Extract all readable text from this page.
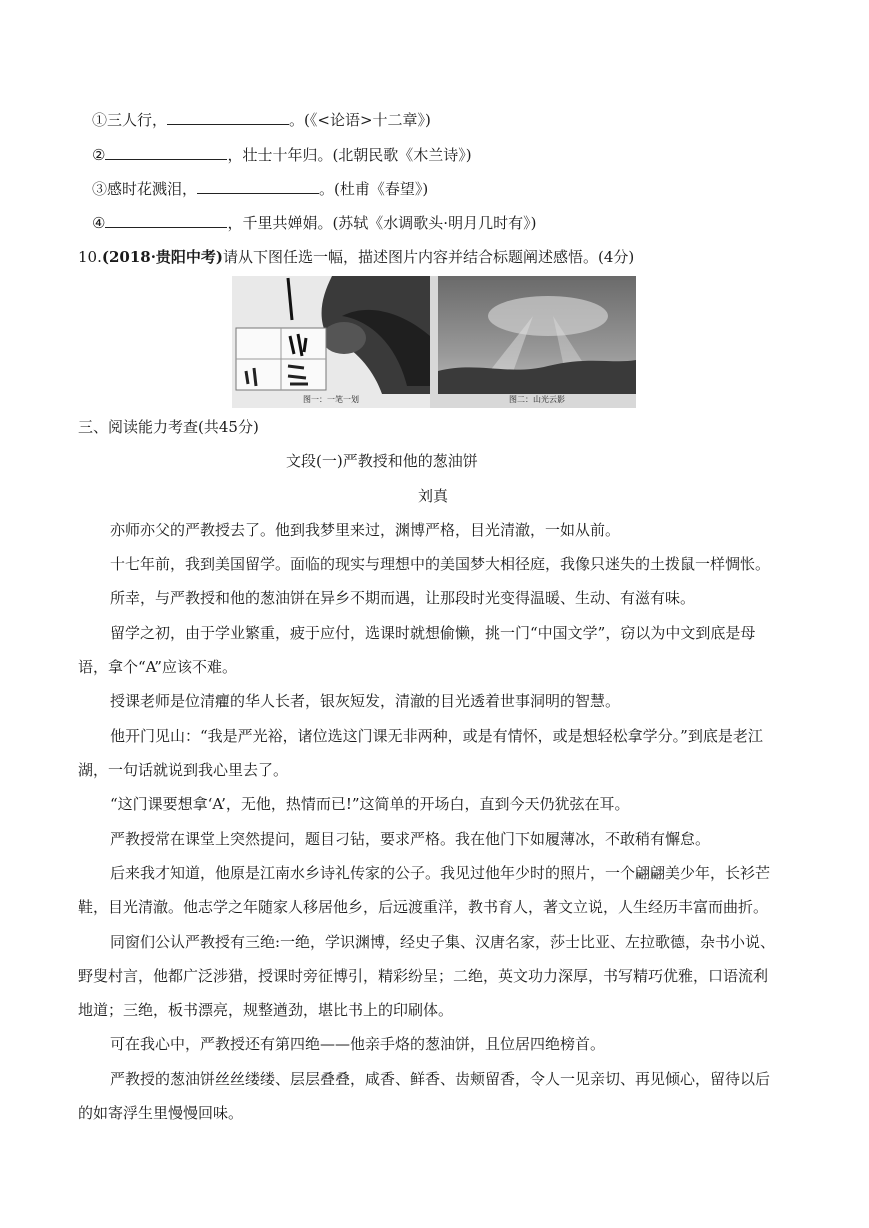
①三人行，	。(《<论语>十二章》)
②	，壮士十年归。(北朝民歌《木兰诗》)
③感时花溅泪，	。(杜甫《春望》)
④	，千里共婵娟。(苏轼《水调歌头·明月几时有》)
10.(2018·贵阳中考)请从下图任选一幅，描述图片内容并结合标题阐述感悟。(4分)
图一：一笔一划	图二：山光云影
三、阅读能力考查(共45分)
文段(一)严教授和他的葱油饼
刘真
亦师亦父的严教授去了。他到我梦里来过，渊博严格，目光清澈，一如从前。
十七年前，我到美国留学。面临的现实与理想中的美国梦大相径庭，我像只迷失的土拨鼠一样惆怅。
所幸，与严教授和他的葱油饼在异乡不期而遇，让那段时光变得温暖、生动、有滋有味。
留学之初，由于学业繁重，疲于应付，选课时就想偷懒，挑一门“中国文学”，窃以为中文到底是母
语，拿个“A”应该不难。
授课老师是位清癯的华人长者，银灰短发，清澈的目光透着世事洞明的智慧。
他开门见山：“我是严光裕，诸位选这门课无非两种，或是有情怀，或是想轻松拿学分。”到底是老江
湖，一句话就说到我心里去了。
“这门课要想拿‘A’，无他，热情而已!”这简单的开场白，直到今天仍犹弦在耳。
严教授常在课堂上突然提问，题目刁钻，要求严格。我在他门下如履薄冰，不敢稍有懈怠。
后来我才知道，他原是江南水乡诗礼传家的公子。我见过他年少时的照片，一个翩翩美少年，长衫芒
鞋，目光清澈。他志学之年随家人移居他乡，后远渡重洋，教书育人，著文立说，人生经历丰富而曲折。
同窗们公认严教授有三绝:一绝，学识渊博，经史子集、汉唐名家，莎士比亚、左拉歌德，杂书小说、
野叟村言，他都广泛涉猎，授课时旁征博引，精彩纷呈；二绝，英文功力深厚，书写精巧优雅，口语流利
地道；三绝，板书漂亮，规整遒劲，堪比书上的印刷体。
可在我心中，严教授还有第四绝——他亲手烙的葱油饼，且位居四绝榜首。
严教授的葱油饼丝丝缕缕、层层叠叠，咸香、鲜香、齿颊留香，令人一见亲切、再见倾心，留待以后
的如寄浮生里慢慢回味。
